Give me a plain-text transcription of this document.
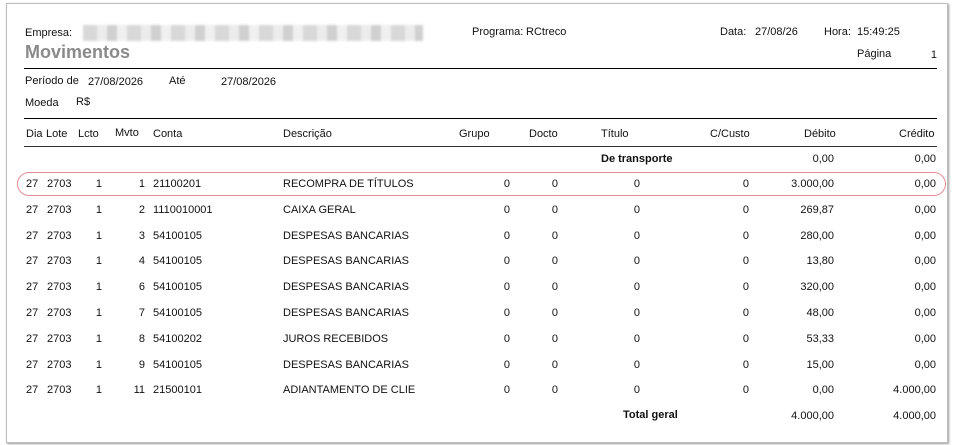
Empresa:	Programa: RCtreco	Data: 27/08/26 Hora: 15:49:25
Movimentos	Página	1
Período de 27/08/2026 Até	27/08/2026
Moeda R$
Dia Lote Lcto Mvto Conta	Descrição	Grupo	Docto	Título	C/Custo	Débito	Crédito
De transporte	0,00	0,00
27 2703	1	1 21100201	RECOMPRA DE TÍTULOS	0	0	0	0	3.000,00	0,00
27 2703	1	2 1110010001	CAIXA GERAL	0	0	0	0	269,87	0,00
27 2703	1	3 54100105	DESPESAS BANCARIAS	0	0	0	0	280,00	0,00
27 2703	1	4 54100105	DESPESAS BANCARIAS	0	0	0	0	13,80	0,00
27 2703	1	6 54100105	DESPESAS BANCARIAS	0	0	0	0	320,00	0,00
27 2703	1	7 54100105	DESPESAS BANCARIAS	0	0	0	0	48,00	0,00
27 2703	1	8 54100202	JUROS RECEBIDOS	0	0	0	0	53,33	0,00
27 2703	1	9 54100105	DESPESAS BANCARIAS	0	0	0	0	15,00	0,00
27 2703	1	11 21500101	ADIANTAMENTO DE CLIE	0	0	0	0	0,00	4.000,00
Total geral	4.000,00	4.000,00
